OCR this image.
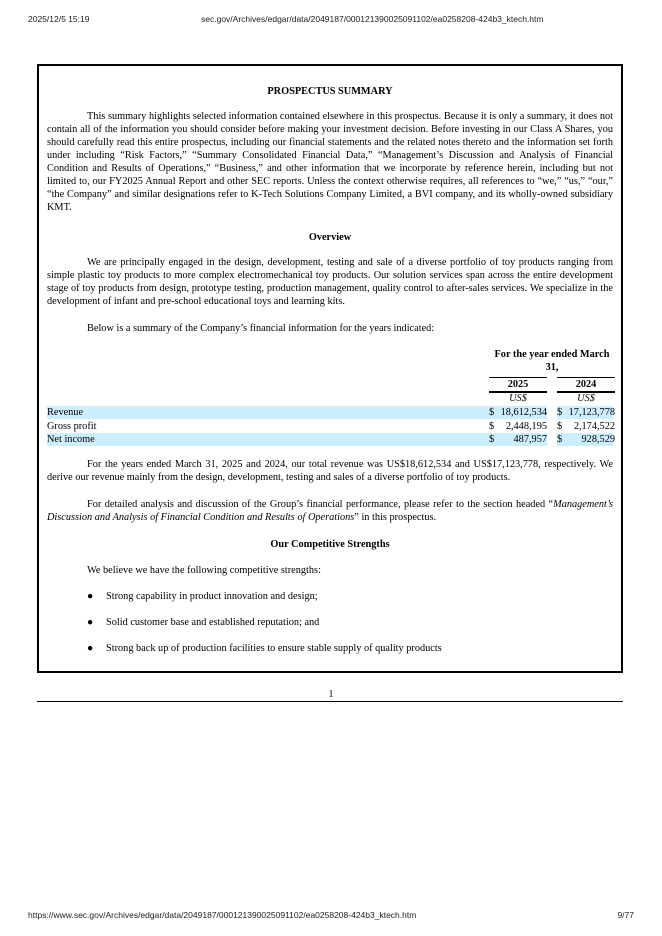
2025/12/5 15:19	sec.gov/Archives/edgar/data/2049187/000121390025091102/ea0258208-424b3_ktech.htm
PROSPECTUS SUMMARY

This summary highlights selected information contained elsewhere in this prospectus. Because it is only a summary, it does not contain all of the information you should consider before making your investment decision. Before investing in our Class A Shares, you should carefully read this entire prospectus, including our financial statements and the related notes thereto and the information set forth under including “Risk Factors,” “Summary Consolidated Financial Data,” “Management’s Discussion and Analysis of Financial Condition and Results of Operations,” “Business,” and other information that we incorporate by reference herein, including but not limited to, our FY2025 Annual Report and other SEC reports. Unless the context otherwise requires, all references to “we,” “us,” “our,” “the Company” and similar designations refer to K-Tech Solutions Company Limited, a BVI company, and its wholly-owned subsidiary KMT.

Overview

We are principally engaged in the design, development, testing and sale of a diverse portfolio of toy products ranging from simple plastic toy products to more complex electromechanical toy products. Our solution services span across the entire development stage of toy products from design, prototype testing, production management, quality control to after-sales services. We specialize in the development of infant and pre-school educational toys and learning kits.

Below is a summary of the Company’s financial information for the years indicated:

For the year ended March 31,
2025	2024
US$	US$
Revenue	$ 18,612,534 $ 17,123,778
Gross profit	$ 2,448,195 $ 2,174,522
Net income	$ 487,957 $ 928,529

For the years ended March 31, 2025 and 2024, our total revenue was US$18,612,534 and US$17,123,778, respectively. We derive our revenue mainly from the design, development, testing and sales of a diverse portfolio of toy products.

For detailed analysis and discussion of the Group’s financial performance, please refer to the section headed “Management’s Discussion and Analysis of Financial Condition and Results of Operations” in this prospectus.

Our Competitive Strengths
We believe we have the following competitive strengths:
● Strong capability in product innovation and design;
● Solid customer base and established reputation; and
● Strong back up of production facilities to ensure stable supply of quality products
1
https://www.sec.gov/Archives/edgar/data/2049187/000121390025091102/ea0258208-424b3_ktech.htm	9/77
